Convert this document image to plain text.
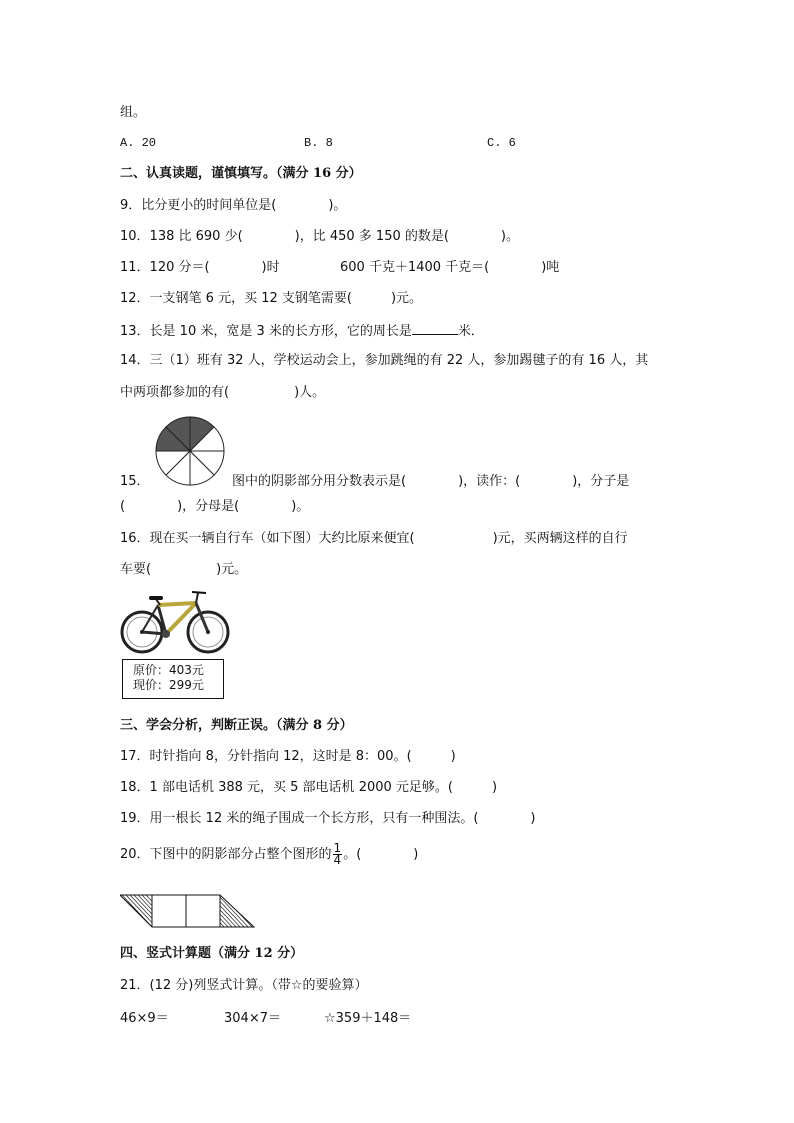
组。
A. 20	B. 8	C. 6
二、认真读题，谨慎填写。（满分 16 分）
9．比分更小的时间单位是(　　　　)。
10．138 比 690 少(　　　　)，比 450 多 150 的数是(　　　　)。
11．120 分＝(　　　　)时	600 千克＋1400 千克＝(　　　　)吨
12．一支钢笔 6 元，买 12 支钢笔需要(　　　)元。
13．长是 10 米，宽是 3 米的长方形，它的周长是	米．
14．三（1）班有 32 人，学校运动会上，参加跳绳的有 22 人，参加踢毽子的有 16 人，其
中两项都参加的有(　　　　　)人。
15．	图中的阴影部分用分数表示是(　　　　)，读作：(　　　　)，分子是
(　　　　)，分母是(　　　　)。
16．现在买一辆自行车（如下图）大约比原来便宜(　　　　　　)元，买两辆这样的自行
车要(　　　　　)元。
原价：403元
现价：299元
三、学会分析，判断正误。（满分 8 分）
17．时针指向 8，分针指向 12，这时是 8：00。(　　　)
18．1 部电话机 388 元，买 5 部电话机 2000 元足够。(　　　)
19．用一根长 12 米的绳子围成一个长方形，只有一种围法。(　　　　)
20．下图中的阴影部分占整个图形的 $\frac{1}{4}$ 。(　　　　)
四、竖式计算题（满分 12 分）
21．(12 分)列竖式计算。（带☆的要验算）
46×9＝	304×7＝	☆359＋148＝
